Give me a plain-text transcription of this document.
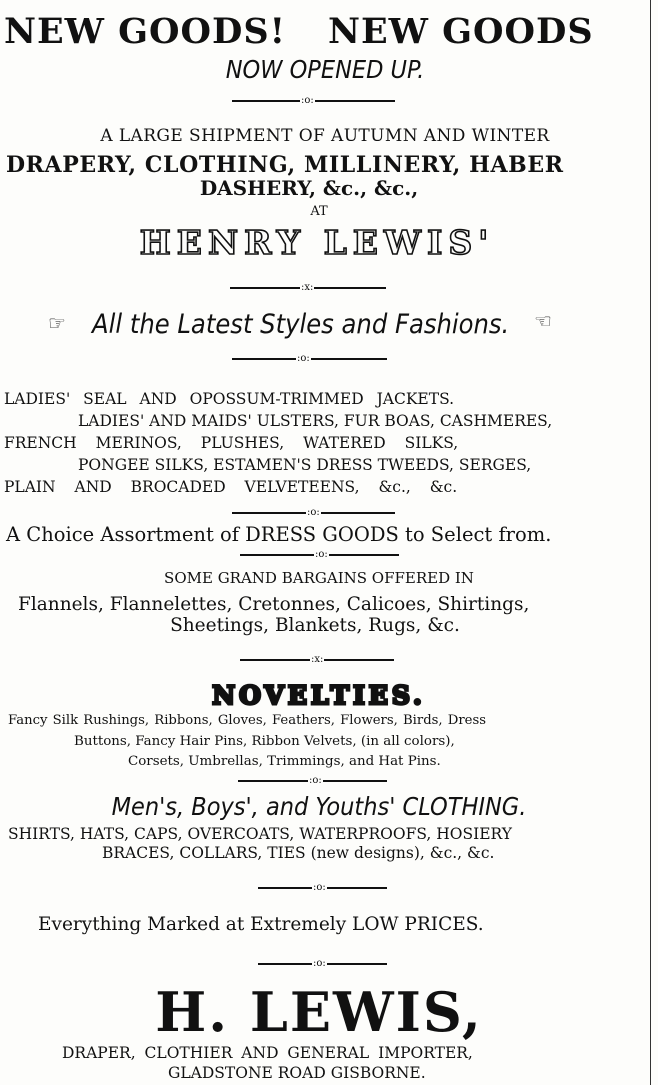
NEW GOODS! NEW GOODS
NOW OPENED UP.
:o:
A LARGE SHIPMENT OF AUTUMN AND WINTER
DRAPERY, CLOTHING, MILLINERY, HABER
DASHERY, &c., &c.,
AT
HENRY LEWIS'
:x:
☞ All the Latest Styles and Fashions. ☜
:o:
LADIES' SEAL AND OPOSSUM-TRIMMED JACKETS.
LADIES' AND MAIDS' ULSTERS, FUR BOAS, CASHMERES,
FRENCH MERINOS, PLUSHES, WATERED SILKS,
PONGEE SILKS, ESTAMEN'S DRESS TWEEDS, SERGES,
PLAIN AND BROCADED VELVETEENS, &c., &c.
:o:
A Choice Assortment of DRESS GOODS to Select from.
:o:
SOME GRAND BARGAINS OFFERED IN
Flannels, Flannelettes, Cretonnes, Calicoes, Shirtings,
Sheetings, Blankets, Rugs, &c.
:x:
NOVELTIES.
Fancy Silk Rushings, Ribbons, Gloves, Feathers, Flowers, Birds, Dress
Buttons, Fancy Hair Pins, Ribbon Velvets, (in all colors),
Corsets, Umbrellas, Trimmings, and Hat Pins.
:o:
Men's, Boys', and Youths' CLOTHING.
SHIRTS, HATS, CAPS, OVERCOATS, WATERPROOFS, HOSIERY
BRACES, COLLARS, TIES (new designs), &c., &c.
:o:
Everything Marked at Extremely LOW PRICES.
:o:
H. LEWIS,
DRAPER, CLOTHIER AND GENERAL IMPORTER,
GLADSTONE ROAD GISBORNE.
